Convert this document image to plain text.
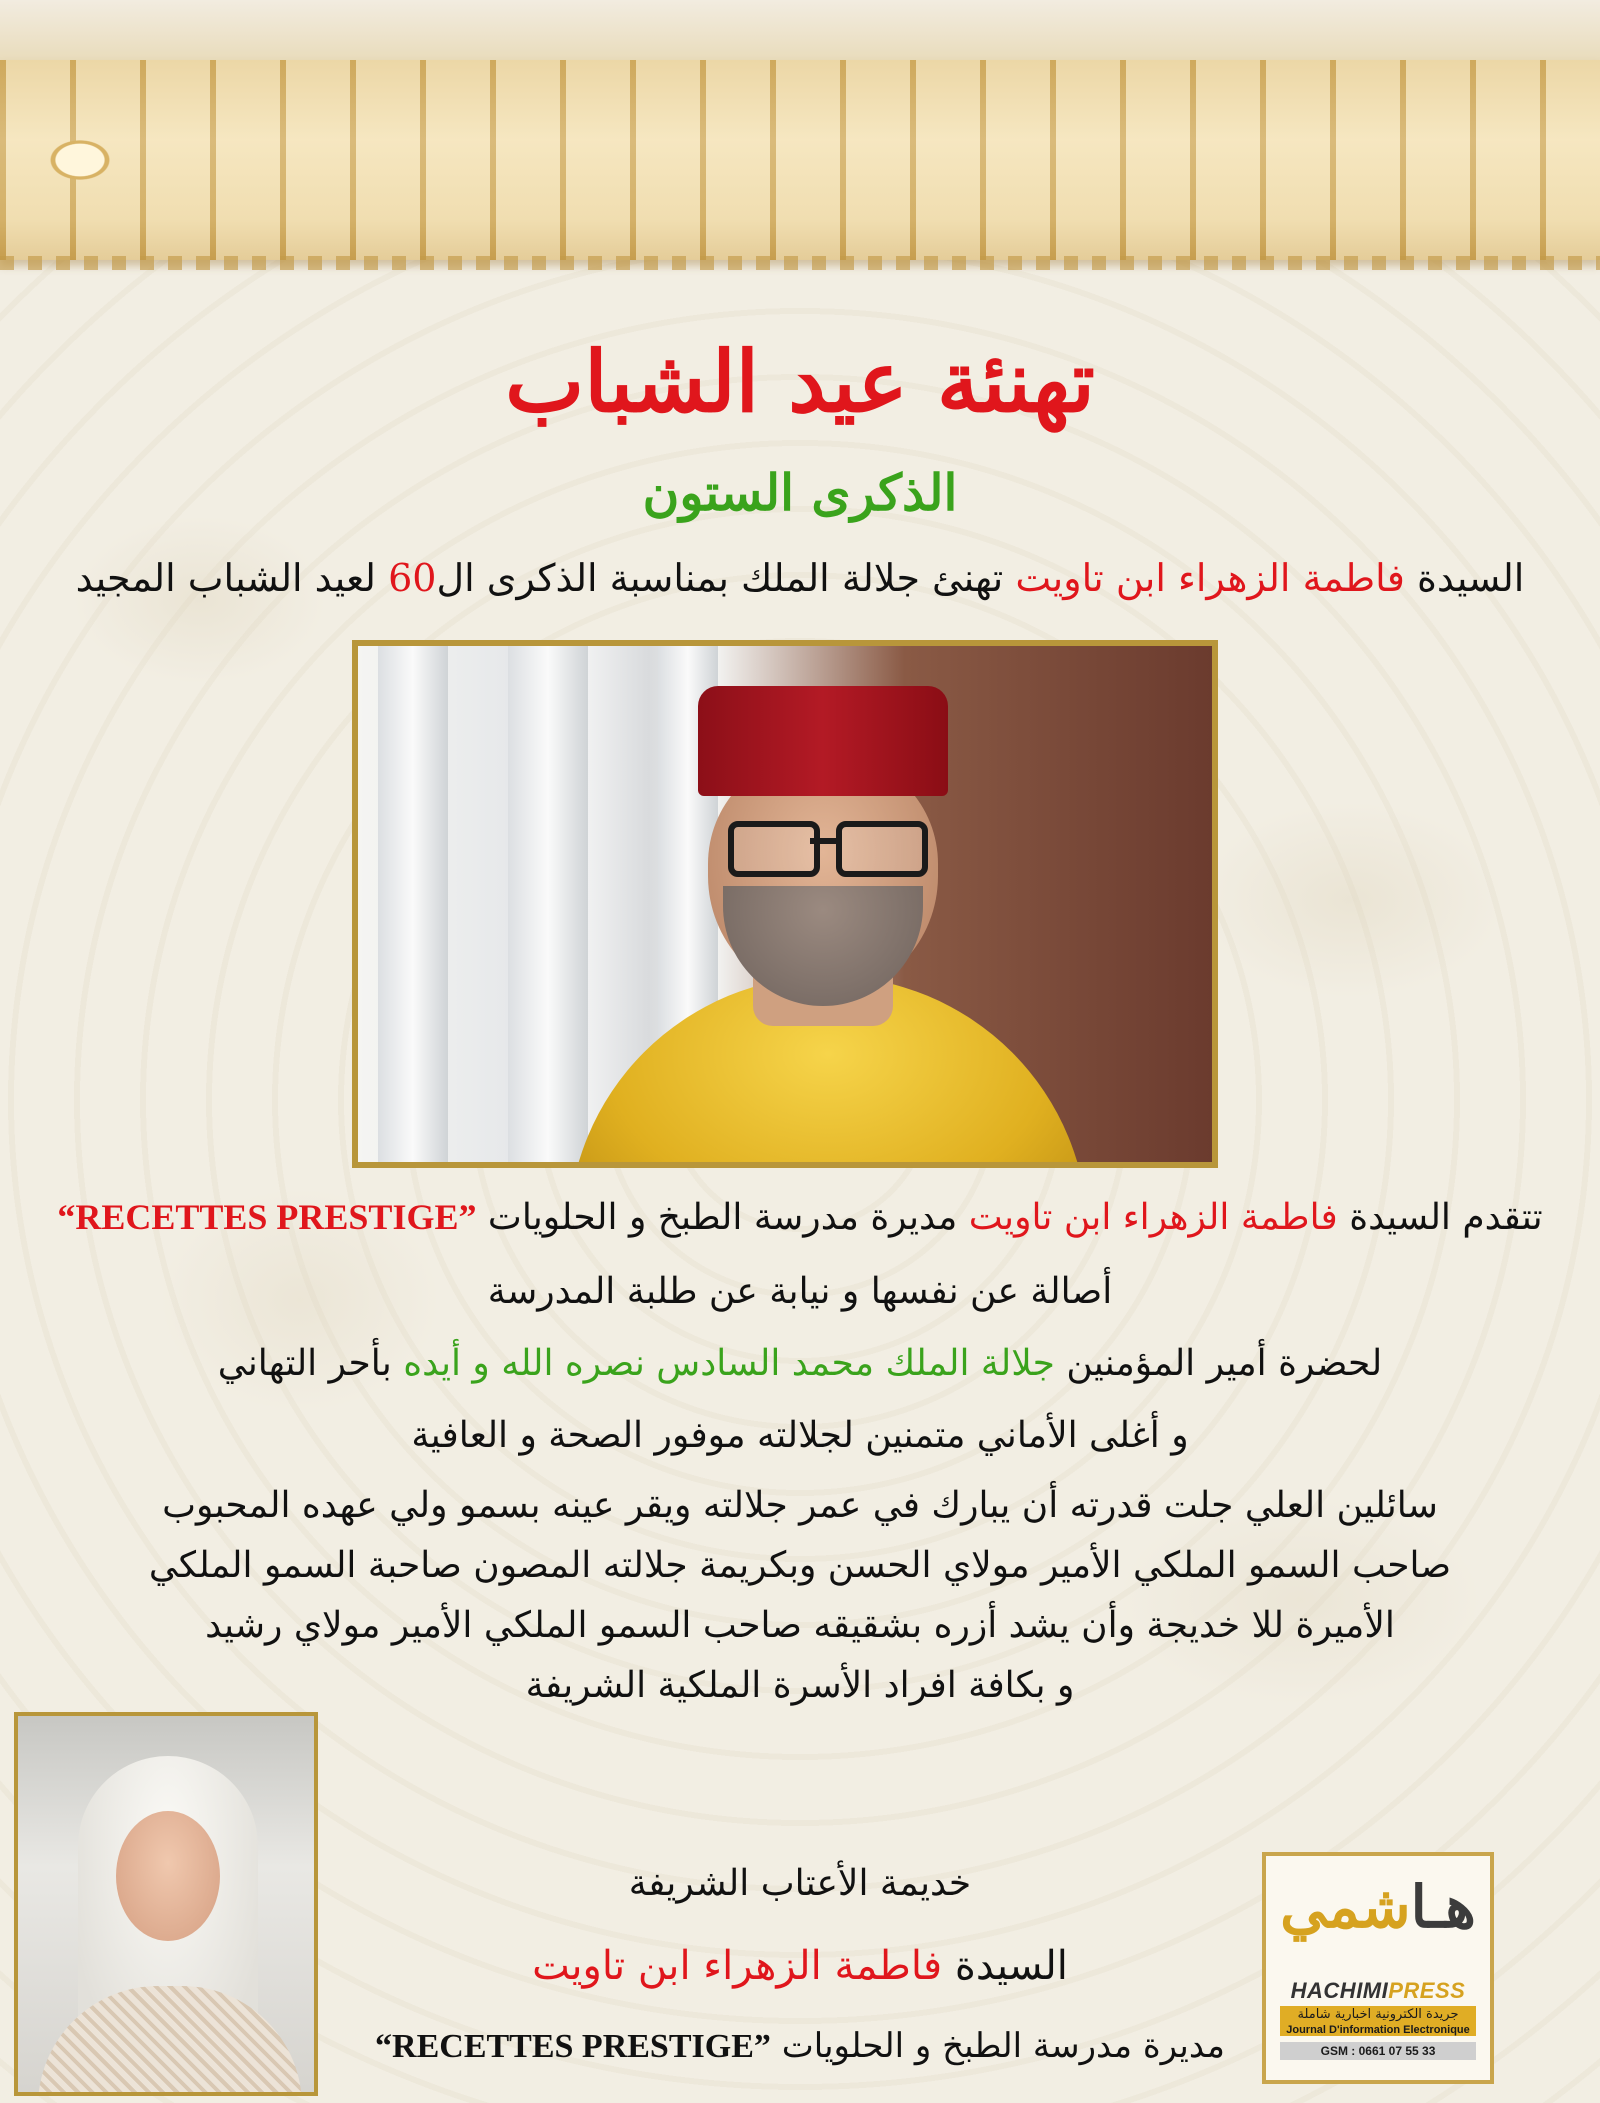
تهنئة عيد الشباب
الذكرى الستون
السيدة فاطمة الزهراء ابن تاويت تهنئ جلالة الملك بمناسبة الذكرى ال60 لعيد الشباب المجيد
تتقدم السيدة فاطمة الزهراء ابن تاويت مديرة مدرسة الطبخ و الحلويات “RECETTES PRESTIGE”
أصالة عن نفسها و نيابة عن طلبة المدرسة
لحضرة أمير المؤمنين جلالة الملك محمد السادس نصره الله و أيده بأحر التهاني
و أغلى الأماني متمنين لجلالته موفور الصحة و العافية
سائلين العلي جلت قدرته أن يبارك في عمر جلالته ويقر عينه بسمو ولي عهده المحبوب
صاحب السمو الملكي الأمير مولاي الحسن وبكريمة جلالته المصون صاحبة السمو الملكي
الأميرة للا خديجة وأن يشد أزره بشقيقه صاحب السمو الملكي الأمير مولاي رشيد
و بكافة افراد الأسرة الملكية الشريفة
خديمة الأعتاب الشريفة
السيدة فاطمة الزهراء ابن تاويت
مديرة مدرسة الطبخ و الحلويات “RECETTES PRESTIGE”
هـاشمي
HACHIMIPRESS
جريدة الكترونية اخبارية شاملة
Journal D'information Electronique
GSM : 0661 07 55 33
